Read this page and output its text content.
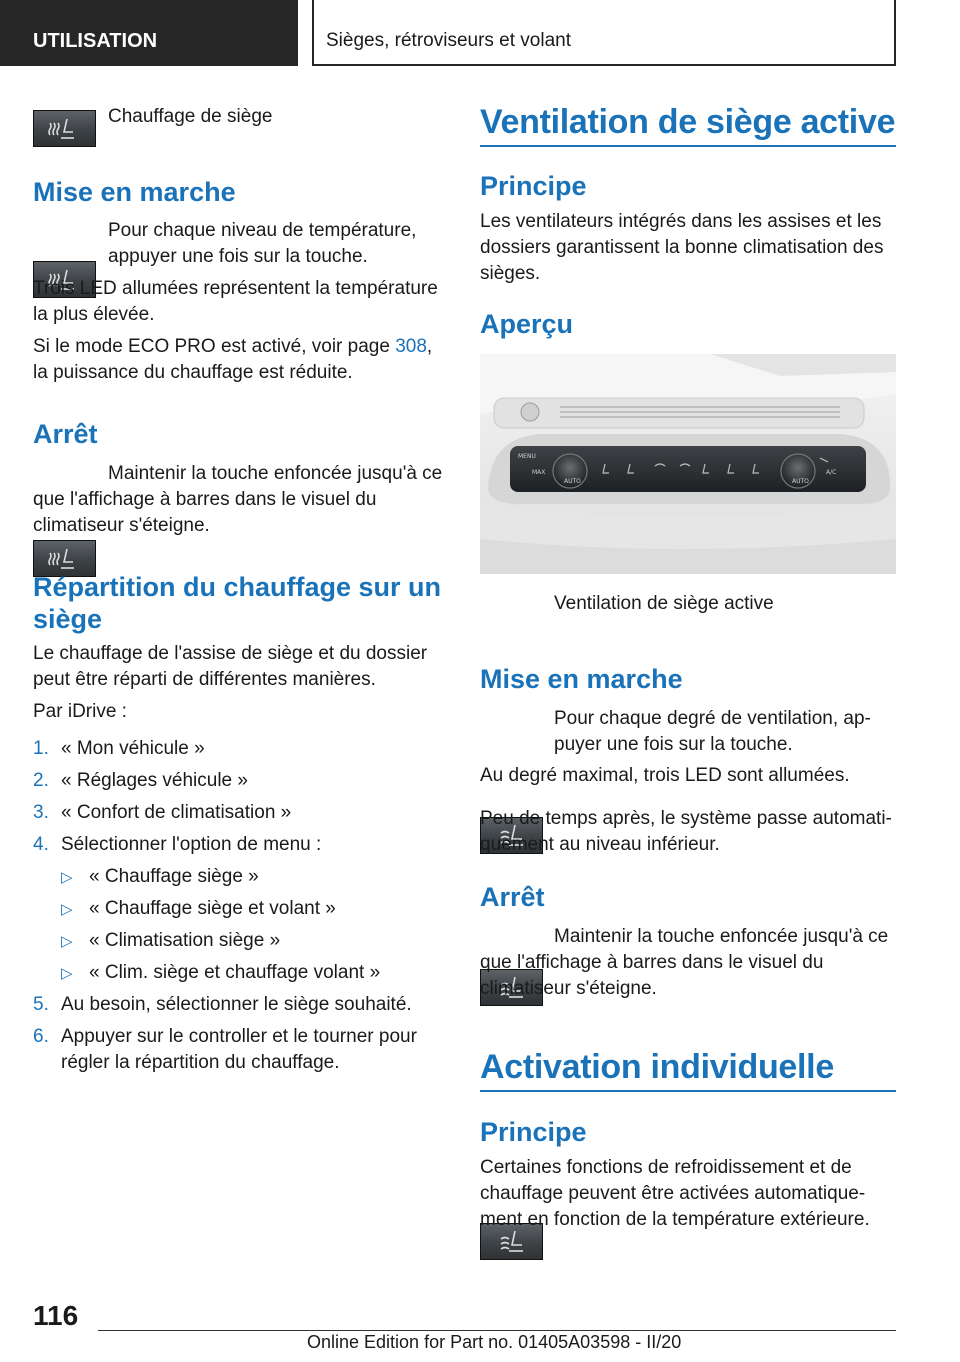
UTILISATION	Sièges, rétroviseurs et volant
Chauffage de siège
Mise en marche
Pour chaque niveau de température, appuyer une fois sur la touche.
Trois LED allumées représentent la température la plus élevée.
Si le mode ECO PRO est activé, voir page 308, la puissance du chauffage est réduite.
Arrêt
Maintenir la touche enfoncée jusqu'à ce que l'affichage à barres dans le visuel du climatiseur s'éteigne.
Répartition du chauffage sur un siège
Le chauffage de l'assise de siège et du dossier peut être réparti de différentes manières.
Par iDrive :
1. « Mon véhicule »
2. « Réglages véhicule »
3. « Confort de climatisation »
4. Sélectionner l'option de menu :
▷ « Chauffage siège »
▷ « Chauffage siège et volant »
▷ « Climatisation siège »
▷ « Clim. siège et chauffage volant »
5. Au besoin, sélectionner le siège souhaité.
6. Appuyer sur le controller et le tourner pour régler la répartition du chauffage.
Ventilation de siège active
Principe
Les ventilateurs intégrés dans les assises et les dossiers garantissent la bonne climatisation des sièges.
Aperçu
MENU
MAX
AUTO	AUTO
A/C
Ventilation de siège active
Mise en marche
Pour chaque degré de ventilation, ap-puyer une fois sur la touche.
Au degré maximal, trois LED sont allumées.
Peu de temps après, le système passe automati-quement au niveau inférieur.
Arrêt
Maintenir la touche enfoncée jusqu'à ce que l'affichage à barres dans le visuel du climatiseur s'éteigne.
Activation individuelle
Principe
Certaines fonctions de refroidissement et de chauffage peuvent être activées automatique-ment en fonction de la température extérieure.
116
Online Edition for Part no. 01405A03598 - II/20
